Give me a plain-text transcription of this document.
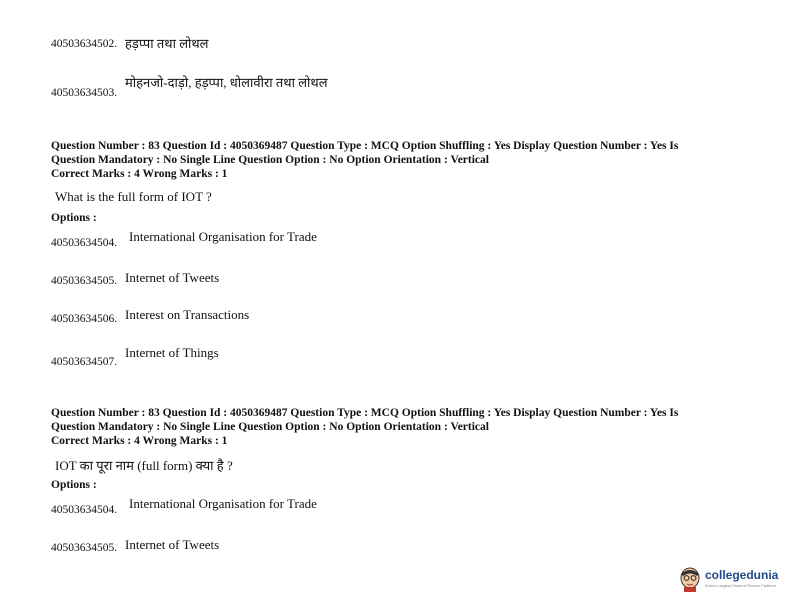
40503634502. हड़प्पा तथा लोथल
मोहनजो-दाड़ो, हड़प्पा, धोलावीरा तथा लोथल
40503634503.
Question Number : 83 Question Id : 4050369487 Question Type : MCQ Option Shuffling : Yes Display Question Number : Yes Is
Question Mandatory : No Single Line Question Option : No Option Orientation : Vertical
Correct Marks : 4 Wrong Marks : 1
What is the full form of IOT ?
Options :
40503634504. International Organisation for Trade
40503634505. Internet of Tweets
40503634506. Interest on Transactions
Internet of Things
40503634507.
Question Number : 83 Question Id : 4050369487 Question Type : MCQ Option Shuffling : Yes Display Question Number : Yes Is
Question Mandatory : No Single Line Question Option : No Option Orientation : Vertical
Correct Marks : 4 Wrong Marks : 1
IOT का पूरा नाम (full form) क्या है ?
Options :
40503634504. International Organisation for Trade
40503634505. Internet of Tweets
collegedunia
India's Largest Student Review Platform
